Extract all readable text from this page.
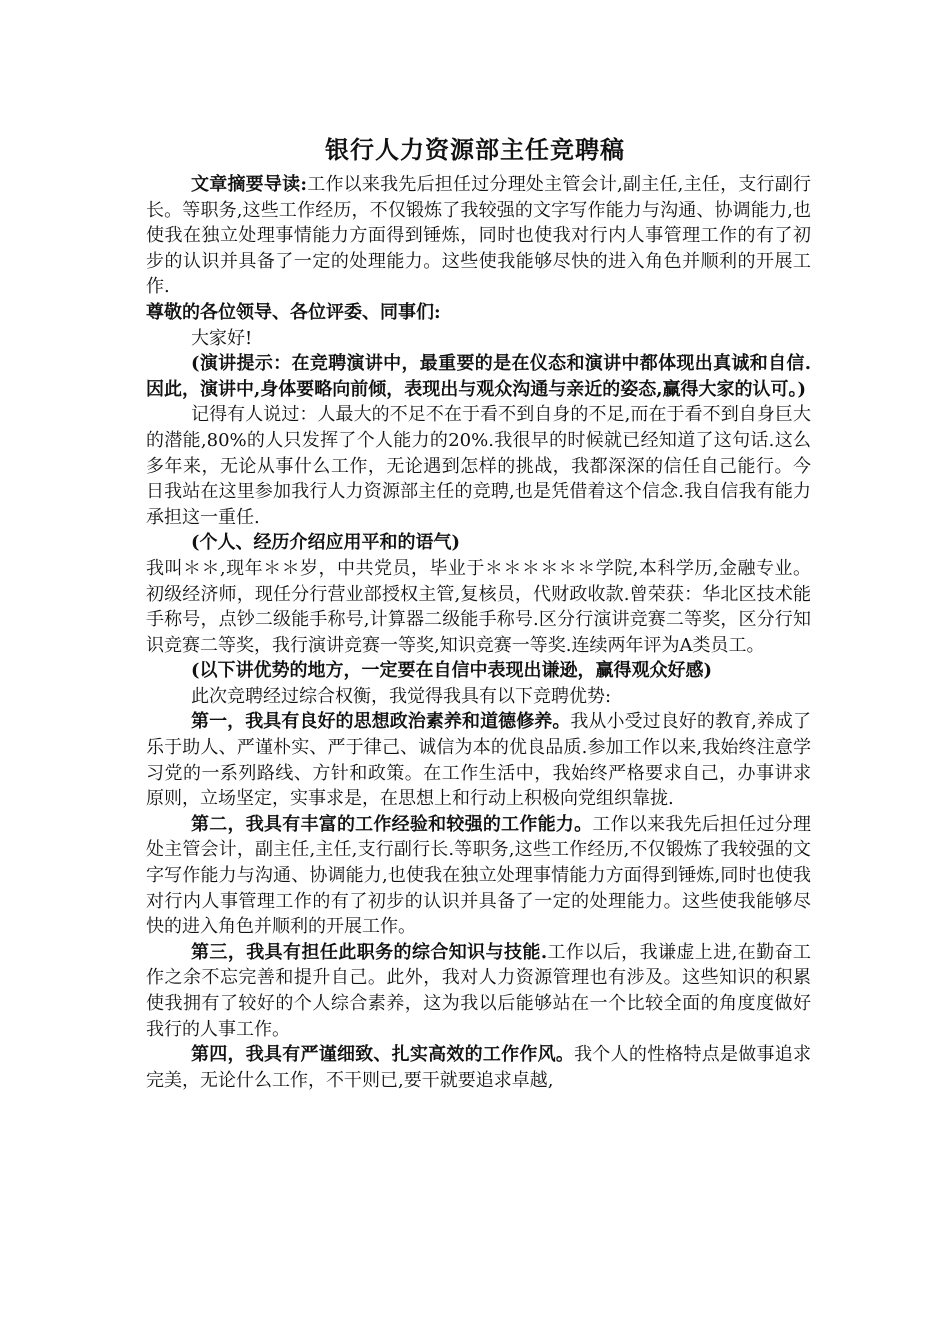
银行人力资源部主任竞聘稿

文章摘要导读:工作以来我先后担任过分理处主管会计,副主任,主任，支行副行长。等职务,这些工作经历，不仅锻炼了我较强的文字写作能力与沟通、协调能力,也使我在独立处理事情能力方面得到锤炼，同时也使我对行内人事管理工作的有了初步的认识并具备了一定的处理能力。这些使我能够尽快的进入角色并顺利的开展工作.

尊敬的各位领导、各位评委、同事们:

大家好!

(演讲提示：在竞聘演讲中，最重要的是在仪态和演讲中都体现出真诚和自信.因此，演讲中,身体要略向前倾，表现出与观众沟通与亲近的姿态,赢得大家的认可。)

记得有人说过：人最大的不足不在于看不到自身的不足,而在于看不到自身巨大的潜能,80%的人只发挥了个人能力的20%.我很早的时候就已经知道了这句话.这么多年来，无论从事什么工作，无论遇到怎样的挑战，我都深深的信任自己能行。今日我站在这里参加我行人力资源部主任的竞聘,也是凭借着这个信念.我自信我有能力承担这一重任.

(个人、经历介绍应用平和的语气)

我叫＊＊,现年＊＊岁，中共党员，毕业于＊＊＊＊＊＊学院,本科学历,金融专业。初级经济师，现任分行营业部授权主管,复核员，代财政收款.曾荣获：华北区技术能手称号，点钞二级能手称号,计算器二级能手称号.区分行演讲竞赛二等奖，区分行知识竞赛二等奖，我行演讲竞赛一等奖,知识竞赛一等奖.连续两年评为A类员工。

(以下讲优势的地方，一定要在自信中表现出谦逊，赢得观众好感)

此次竞聘经过综合权衡，我觉得我具有以下竞聘优势:

第一，我具有良好的思想政治素养和道德修养。我从小受过良好的教育,养成了乐于助人、严谨朴实、严于律己、诚信为本的优良品质.参加工作以来,我始终注意学习党的一系列路线、方针和政策。在工作生活中，我始终严格要求自己，办事讲求原则，立场坚定，实事求是，在思想上和行动上积极向党组织靠拢.

第二，我具有丰富的工作经验和较强的工作能力。工作以来我先后担任过分理处主管会计，副主任,主任,支行副行长.等职务,这些工作经历,不仅锻炼了我较强的文字写作能力与沟通、协调能力,也使我在独立处理事情能力方面得到锤炼,同时也使我对行内人事管理工作的有了初步的认识并具备了一定的处理能力。这些使我能够尽快的进入角色并顺利的开展工作。

第三，我具有担任此职务的综合知识与技能.工作以后，我谦虚上进,在勤奋工作之余不忘完善和提升自己。此外，我对人力资源管理也有涉及。这些知识的积累使我拥有了较好的个人综合素养，这为我以后能够站在一个比较全面的角度度做好我行的人事工作。

第四，我具有严谨细致、扎实高效的工作作风。我个人的性格特点是做事追求完美，无论什么工作，不干则已,要干就要追求卓越,
